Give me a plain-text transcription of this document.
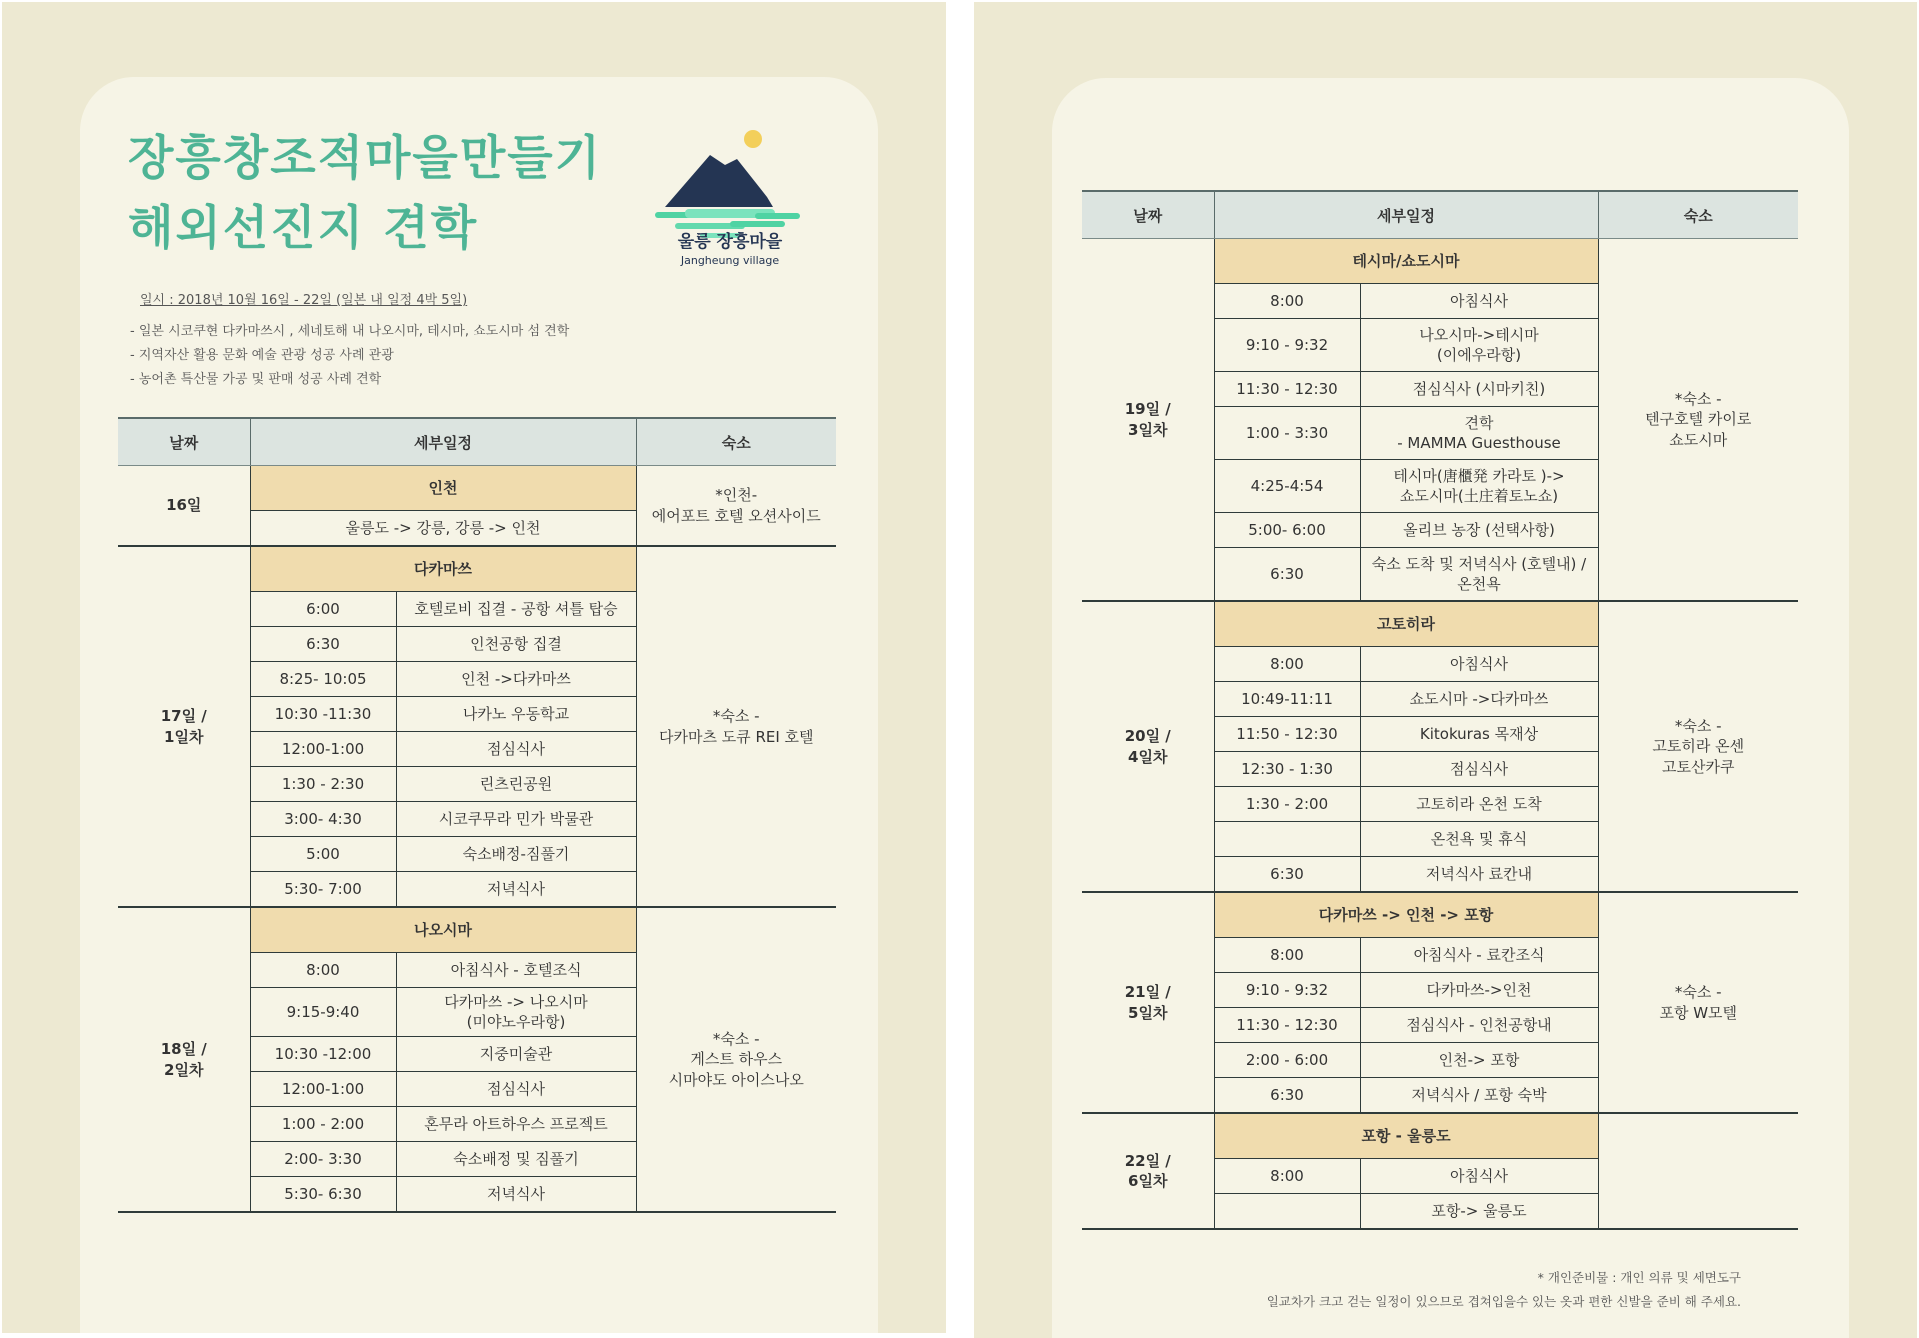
장흥창조적마을만들기
해외선진지 견학	울릉 장흥마을
Jangheung village
일시 : 2018년 10월 16일 - 22일 (일본 내 일정 4박 5일)
- 일본 시코쿠현 다카마쓰시 , 세네토해 내 나오시마, 테시마, 쇼도시마 섬 견학
- 지역자산 활용 문화 예술 관광 성공 사례 관광
- 농어촌 특산물 가공 및 판매 성공 사례 견학
날짜	세부일정		숙소
16일	인천		*인천-
에어포트 호텔 오션사이드
	울릉도 -> 강릉, 강릉 -> 인천		
17일 /
1일차	다카마쓰		*숙소 -
다카마츠 도큐 REI 호텔
	6:00	호텔로비 집결 - 공항 셔틀 탑승	
	6:30	인천공항 집결	
	8:25- 10:05	인천 ->다카마쓰	
	10:30 -11:30	나카노 우동학교	
	12:00-1:00	점심식사	
	1:30 - 2:30	린츠린공원	
	3:00- 4:30	시코쿠무라 민가 박물관	
	5:00	숙소배정-짐풀기	
	5:30- 7:00	저녁식사	
18일 /
2일차	나오시마		*숙소 -
게스트 하우스
시마야도 아이스나오
	8:00	아침식사 - 호텔조식	
	9:15-9:40	다카마쓰 -> 나오시마
(미야노우라항)	
	10:30 -12:00	지중미술관	
	12:00-1:00	점심식사	
	1:00 - 2:00	혼무라 아트하우스 프로젝트	
	2:00- 3:30	숙소배정 및 짐풀기	
	5:30- 6:30	저녁식사	
날짜	세부일정		숙소
19일 /
3일차	테시마/쇼도시마		*숙소 -
텐구호텔 카이로
쇼도시마
	8:00	아침식사	
	9:10 - 9:32	나오시마->테시마
(이에우라항)	
	11:30 - 12:30	점심식사 (시마키친)	
	1:00 - 3:30	견학
- MAMMA Guesthouse	
	4:25-4:54	테시마(唐櫃発 카라토 )->
쇼도시마(土庄着토노쇼)	
	5:00- 6:00	올리브 농장 (선택사항)	
	6:30	숙소 도착 및 저녁식사 (호텔내) /
온천욕	
20일 /
4일차	고토히라		*숙소 -
고토히라 온센
고토산카쿠
	8:00	아침식사	
	10:49-11:11	쇼도시마 ->다카마쓰	
	11:50 - 12:30	Kitokuras 목재상	
	12:30 - 1:30	점심식사	
	1:30 - 2:00	고토히라 온천 도착	
		온천욕 및 휴식	
	6:30	저녁식사 료칸내	
21일 /
5일차	다카마쓰 -> 인천 -> 포항		*숙소 -
포항 W모텔
	8:00	아침식사 - 료칸조식	
	9:10 - 9:32	다카마쓰->인천	
	11:30 - 12:30	점심식사 - 인천공항내	
	2:00 - 6:00	인천-> 포항	
	6:30	저녁식사 / 포항 숙박	
22일 /
6일차	포항 - 울릉도		
	8:00	아침식사	
		포항-> 울릉도	
* 개인준비물 : 개인 의류 및 세면도구
일교차가 크고 걷는 일정이 있으므로 겹쳐입을수 있는 옷과 편한 신발을 준비 해 주세요.
